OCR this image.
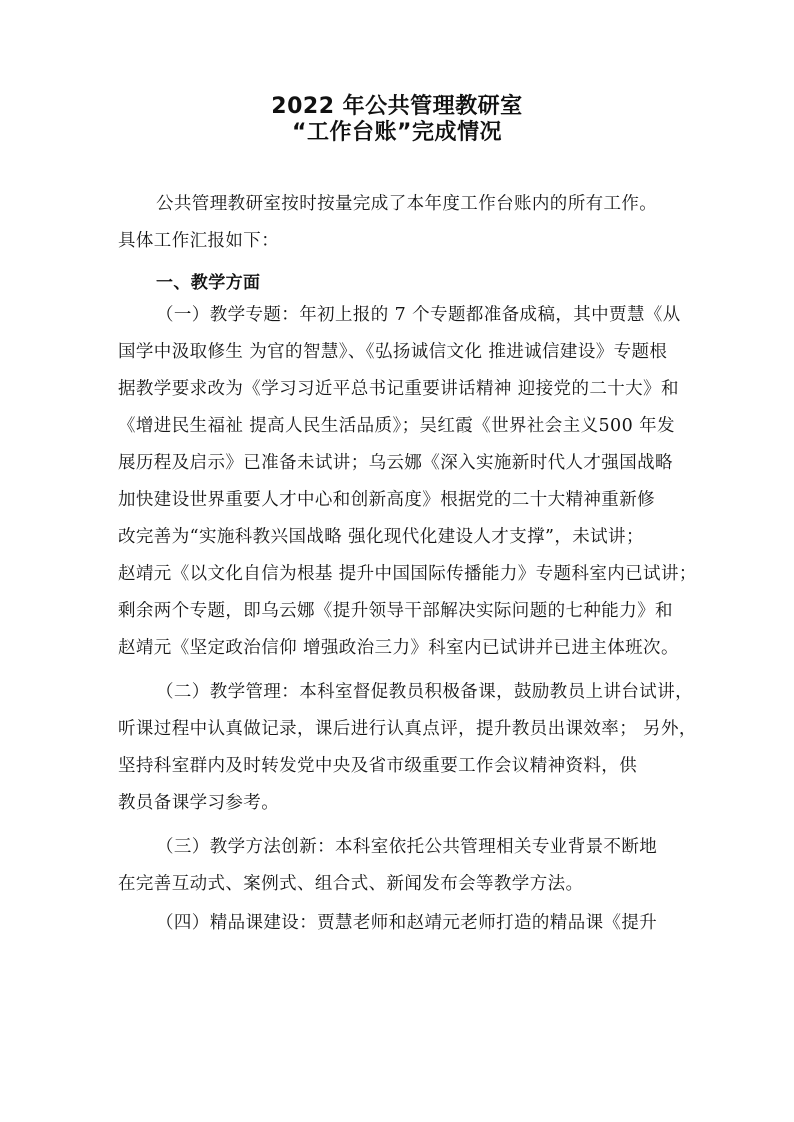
2022 年公共管理教研室
“工作台账”完成情况
公共管理教研室按时按量完成了本年度工作台账内的所有工作。
具体工作汇报如下：
一、教学方面
（一）教学专题：年初上报的 7 个专题都准备成稿，其中贾慧《从
国学中汲取修生 为官的智慧》、《弘扬诚信文化 推进诚信建设》专题根
据教学要求改为《学习习近平总书记重要讲话精神 迎接党的二十大》和
《增进民生福祉 提高人民生活品质》；吴红霞《世界社会主义500 年发
展历程及启示》已准备未试讲；乌云娜《深入实施新时代人才强国战略
加快建设世界重要人才中心和创新高度》根据党的二十大精神重新修
改完善为“实施科教兴国战略 强化现代化建设人才支撑”，未试讲；
赵靖元《以文化自信为根基 提升中国国际传播能力》专题科室内已试讲；
剩余两个专题，即乌云娜《提升领导干部解决实际问题的七种能力》和
赵靖元《坚定政治信仰 增强政治三力》科室内已试讲并已进主体班次。
（二）教学管理：本科室督促教员积极备课，鼓励教员上讲台试讲，
听课过程中认真做记录，课后进行认真点评，提升教员出课效率； 另外，
坚持科室群内及时转发党中央及省市级重要工作会议精神资料，供
教员备课学习参考。
（三）教学方法创新：本科室依托公共管理相关专业背景不断地
在完善互动式、案例式、组合式、新闻发布会等教学方法。
（四）精品课建设：贾慧老师和赵靖元老师打造的精品课《提升
